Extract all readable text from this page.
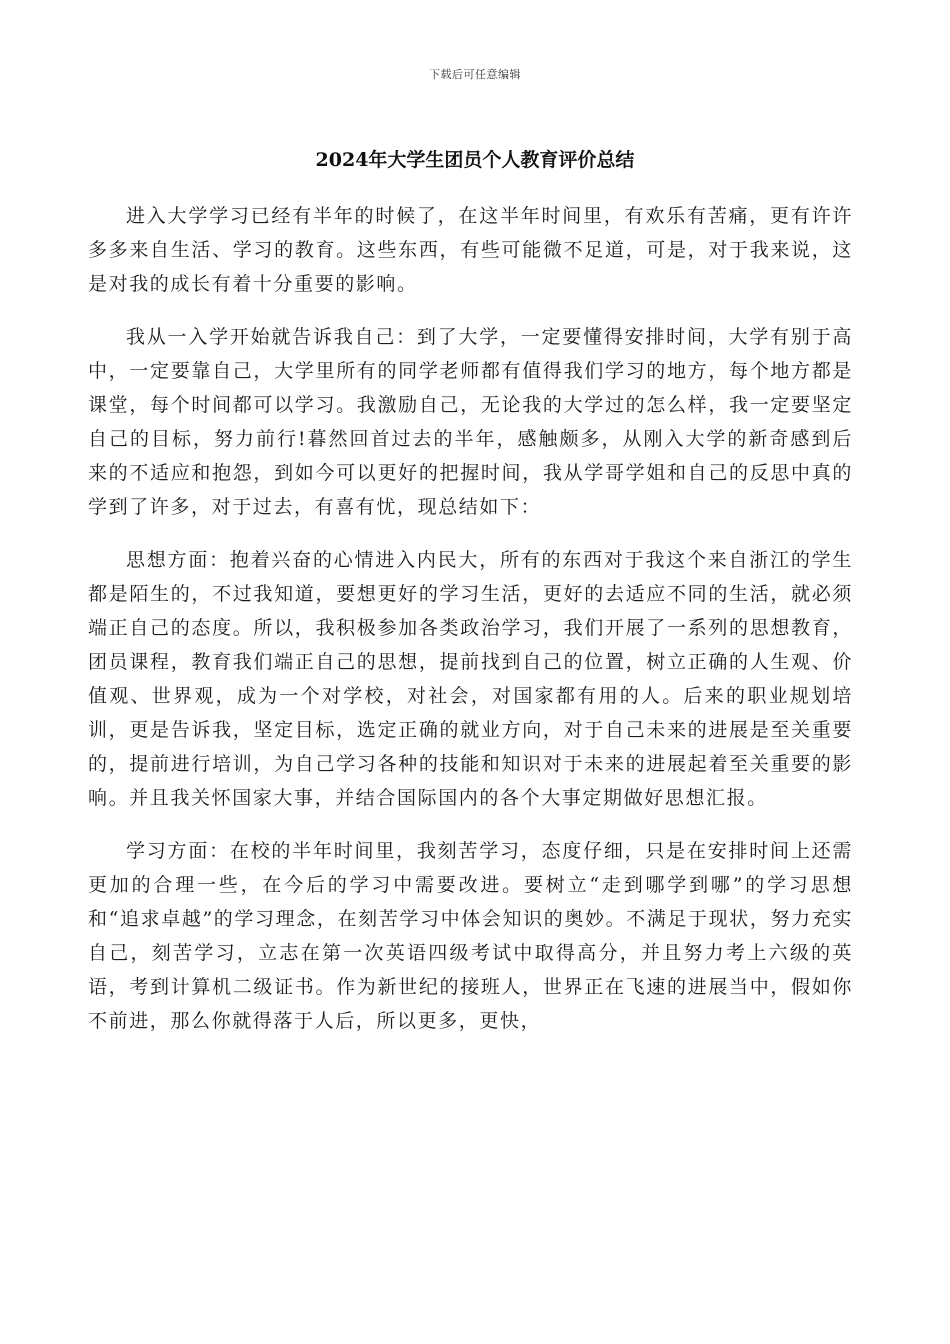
下载后可任意编辑
2024年大学生团员个人教育评价总结

进入大学学习已经有半年的时候了，在这半年时间里，有欢乐有苦痛，更有许许多多来自生活、学习的教育。这些东西，有些可能微不足道，可是，对于我来说，这是对我的成长有着十分重要的影响。

我从一入学开始就告诉我自己：到了大学，一定要懂得安排时间，大学有别于高中，一定要靠自己，大学里所有的同学老师都有值得我们学习的地方，每个地方都是课堂，每个时间都可以学习。我激励自己，无论我的大学过的怎么样，我一定要坚定自己的目标，努力前行!暮然回首过去的半年，感触颇多，从刚入大学的新奇感到后来的不适应和抱怨，到如今可以更好的把握时间，我从学哥学姐和自己的反思中真的学到了许多，对于过去，有喜有忧，现总结如下：

思想方面：抱着兴奋的心情进入内民大，所有的东西对于我这个来自浙江的学生都是陌生的，不过我知道，要想更好的学习生活，更好的去适应不同的生活，就必须端正自己的态度。所以，我积极参加各类政治学习，我们开展了一系列的思想教育，团员课程，教育我们端正自己的思想，提前找到自己的位置，树立正确的人生观、价值观、世界观，成为一个对学校，对社会，对国家都有用的人。后来的职业规划培训，更是告诉我，坚定目标，选定正确的就业方向，对于自己未来的进展是至关重要的，提前进行培训，为自己学习各种的技能和知识对于未来的进展起着至关重要的影响。并且我关怀国家大事，并结合国际国内的各个大事定期做好思想汇报。

学习方面：在校的半年时间里，我刻苦学习，态度仔细，只是在安排时间上还需更加的合理一些，在今后的学习中需要改进。要树立“走到哪学到哪”的学习思想和“追求卓越”的学习理念，在刻苦学习中体会知识的奥妙。不满足于现状，努力充实自己，刻苦学习，立志在第一次英语四级考试中取得高分，并且努力考上六级的英语，考到计算机二级证书。作为新世纪的接班人，世界正在飞速的进展当中，假如你不前进，那么你就得落于人后，所以更多，更快，
